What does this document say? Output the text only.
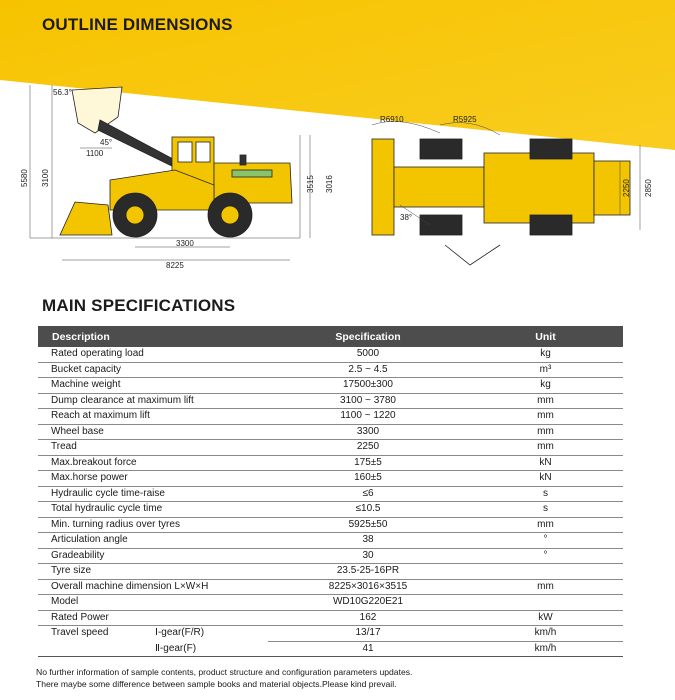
OUTLINE DIMENSIONS
56.3°
45°
1100
5580 3100	3515 3016
3300
8225
R6910	R5925
38°
2250 2850
MAIN SPECIFICATIONS
Description	Specification	Unit
Rated operating load	5000	kg
Bucket capacity	2.5 ~ 4.5	m³
Machine weight	17500±300	kg
Dump clearance at maximum lift	3100 ~ 3780	mm
Reach at maximum lift	1100 ~ 1220	mm
Wheel base	3300	mm
Tread	2250	mm
Max.breakout force	175±5	kN
Max.horse power	160±5	kN
Hydraulic cycle time-raise	≤6	s
Total hydraulic cycle time	≤10.5	s
Min. turning radius over tyres	5925±50	mm
Articulation angle	38	°
Gradeability	30	°
Tyre size	23.5-25-16PR	
Overall machine dimension L×W×H	8225×3016×3515	mm
Model	WD10G220E21	
Rated Power	162	kW

Travel speed Ⅰ-gear(F/R)	13/17	km/h

Ⅱ-gear(F)	41	km/h
No further information of sample contents, product structure and configuration parameters updates.
There maybe some difference between sample books and material objects.Please kind prevail.
